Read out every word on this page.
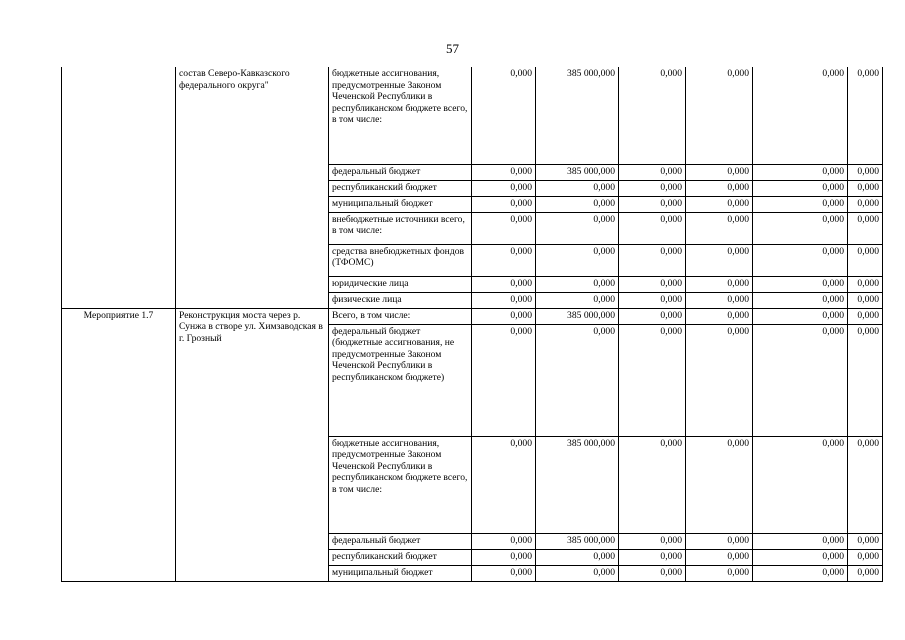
57
	состав Северо-Кавказского федерального округа"	бюджетные ассигнования, предусмотренные Законом Чеченской Республики в республиканском бюджете всего, в том числе:	0,000	385 000,000	0,000	0,000	0,000	0,000
		федеральный бюджет	0,000	385 000,000	0,000	0,000	0,000	0,000
		республиканский бюджет	0,000	0,000	0,000	0,000	0,000	0,000
		муниципальный бюджет	0,000	0,000	0,000	0,000	0,000	0,000
		внебюджетные источники всего, в том числе:	0,000	0,000	0,000	0,000	0,000	0,000
		средства внебюджетных фондов (ТФОМС)	0,000	0,000	0,000	0,000	0,000	0,000
		юридические лица	0,000	0,000	0,000	0,000	0,000	0,000
		физические лица	0,000	0,000	0,000	0,000	0,000	0,000
Мероприятие 1.7	Реконструкция моста через р. Сунжа в створе ул. Химзаводская в г. Грозный	Всего, в том числе:	0,000	385 000,000	0,000	0,000	0,000	0,000
		федеральный бюджет (бюджетные ассигнования, не предусмотренные Законом Чеченской Республики в республиканском бюджете)	0,000	0,000	0,000	0,000	0,000	0,000
		бюджетные ассигнования, предусмотренные Законом Чеченской Республики в республиканском бюджете всего, в том числе:	0,000	385 000,000	0,000	0,000	0,000	0,000
		федеральный бюджет	0,000	385 000,000	0,000	0,000	0,000	0,000
		республиканский бюджет	0,000	0,000	0,000	0,000	0,000	0,000
		муниципальный бюджет	0,000	0,000	0,000	0,000	0,000	0,000
